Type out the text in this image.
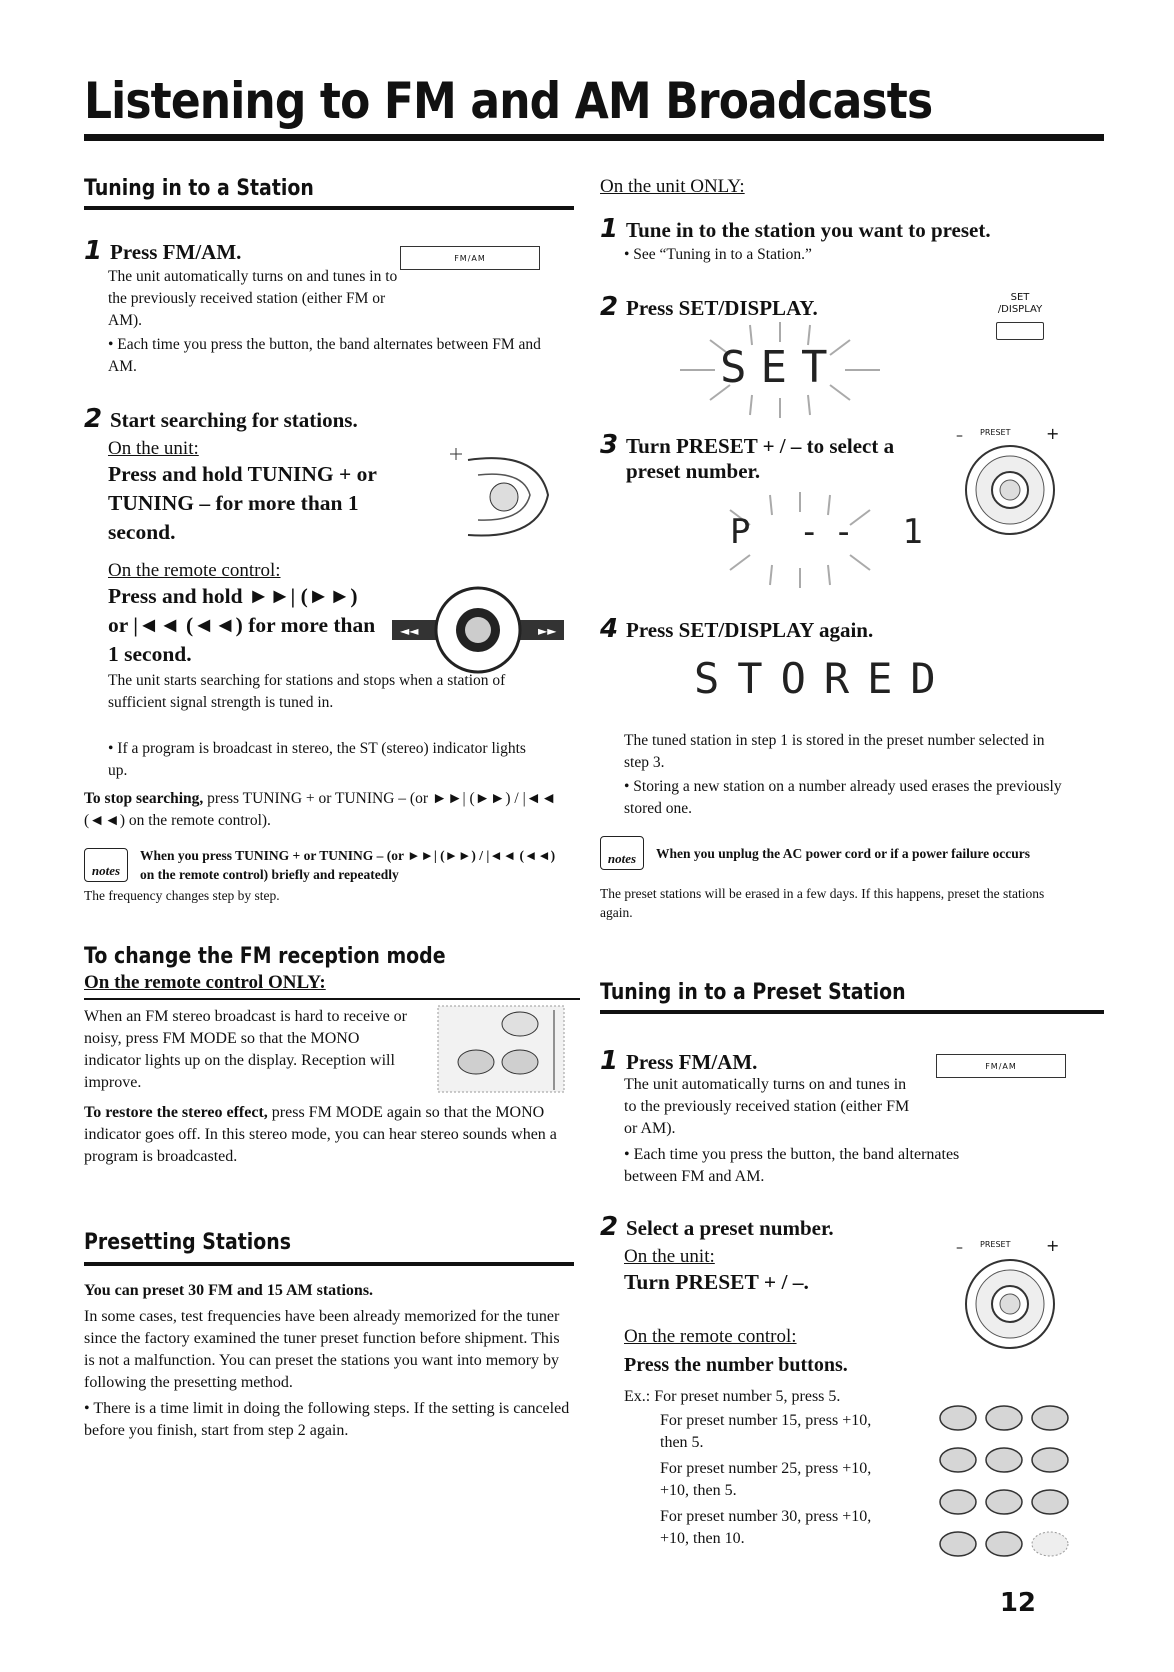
Listening to FM and AM Broadcasts
Tuning in to a Station
1 Press FM/AM.	FM/AM
The unit automatically turns on and tunes in to the previously received station (either FM or AM).
• Each time you press the button, the band alternates between FM and AM.
2 Start searching for stations.
On the unit:
Press and hold TUNING + or TUNING – for more than 1 second.
On the remote control:
Press and hold ►►| (►►) or |◄◄ (◄◄) for more than 1 second.
◄◄	►►
The unit starts searching for stations and stops when a station of sufficient signal strength is tuned in.
• If a program is broadcast in stereo, the ST (stereo) indicator lights up.
To stop searching, press TUNING + or TUNING – (or ►►| (►►) / |◄◄ (◄◄) on the remote control).
notes
When you press TUNING + or TUNING – (or ►►| (►►) / |◄◄ (◄◄) on the remote control) briefly and repeatedly
The frequency changes step by step.
To change the FM reception mode
On the remote control ONLY:
When an FM stereo broadcast is hard to receive or noisy, press FM MODE so that the MONO indicator lights up on the display. Reception will improve.
To restore the stereo effect, press FM MODE again so that the MONO indicator goes off. In this stereo mode, you can hear stereo sounds when a program is broadcasted.
Presetting Stations
You can preset 30 FM and 15 AM stations.
In some cases, test frequencies have been already memorized for the tuner since the factory examined the tuner preset function before shipment. This is not a malfunction. You can preset the stations you want into memory by following the presetting method.
• There is a time limit in doing the following steps. If the setting is canceled before you finish, start from step 2 again.
On the unit ONLY:
1 Tune in to the station you want to preset.
• See “Tuning in to a Station.”
2 Press SET/DISPLAY.	SET /DISPLAY
SET
3 Turn PRESET + / – to select a preset number.
– PRESET +
P -- 1
4 Press SET/DISPLAY again.
STORED
The tuned station in step 1 is stored in the preset number selected in step 3.
• Storing a new station on a number already used erases the previously stored one.
notes	When you unplug the AC power cord or if a power failure occurs
The preset stations will be erased in a few days. If this happens, preset the stations again.
Tuning in to a Preset Station
1 Press FM/AM.	FM/AM
The unit automatically turns on and tunes in to the previously received station (either FM or AM).
• Each time you press the button, the band alternates between FM and AM.
2 Select a preset number.
On the unit:
Turn PRESET + / –.
– PRESET +
On the remote control:
Press the number buttons.
Ex.: For preset number 5, press 5.
For preset number 15, press +10, then 5.
For preset number 25, press +10, +10, then 5.
For preset number 30, press +10, +10, then 10.
12
